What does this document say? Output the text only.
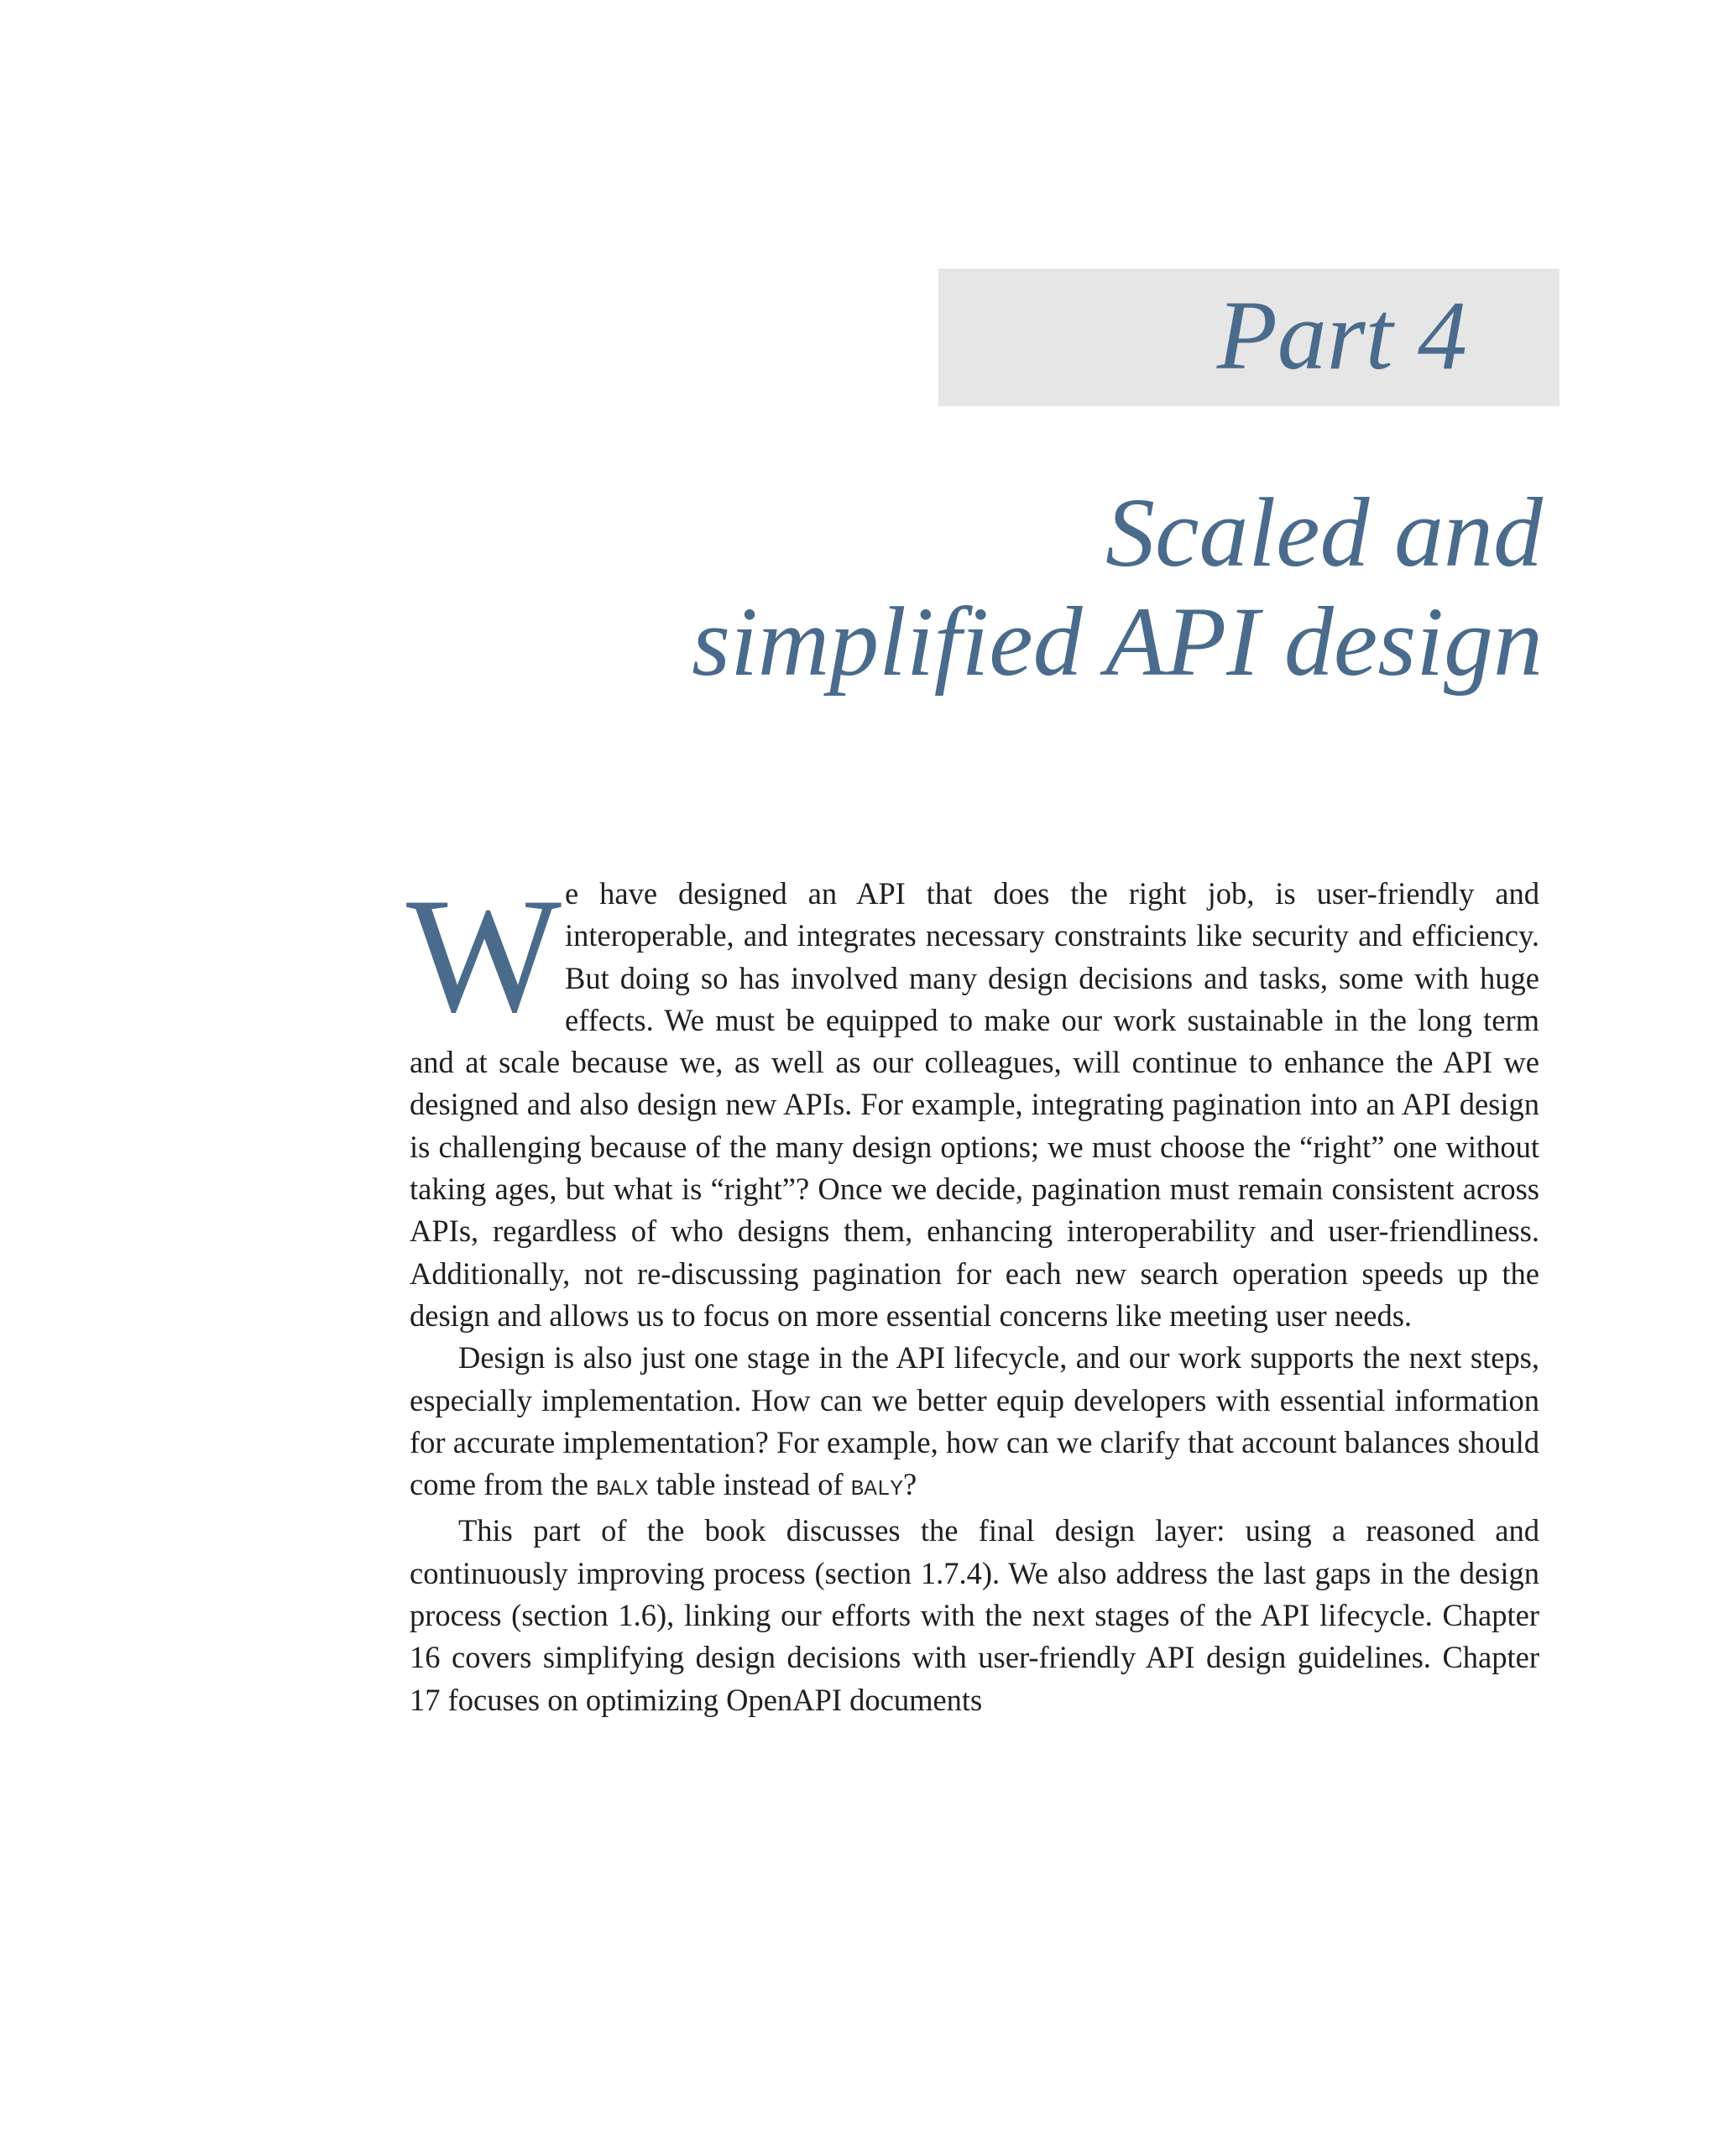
Part 4
Scaled and
simplified API design

We have designed an API that does the right job, is user-friendly and interoperable, and integrates necessary constraints like security and efficiency. But doing so has involved many design decisions and tasks, some with huge effects. We must be equipped to make our work sustainable in the long term and at scale because we, as well as our colleagues, will continue to enhance the API we designed and also design new APIs. For example, integrating pagination into an API design is challenging because of the many design options; we must choose the “right” one without taking ages, but what is “right”? Once we decide, pagination must remain consistent across APIs, regardless of who designs them, enhancing interoperability and user-friendliness. Additionally, not re-discussing pagination for each new search operation speeds up the design and allows us to focus on more essential concerns like meeting user needs.

Design is also just one stage in the API lifecycle, and our work supports the next steps, especially implementation. How can we better equip developers with essential information for accurate implementation? For example, how can we clarify that account balances should come from the BALX table instead of BALY?

This part of the book discusses the final design layer: using a reasoned and continuously improving process (section 1.7.4). We also address the last gaps in the design process (section 1.6), linking our efforts with the next stages of the API lifecycle. Chapter 16 covers simplifying design decisions with user-friendly API design guidelines. Chapter 17 focuses on optimizing OpenAPI documents
